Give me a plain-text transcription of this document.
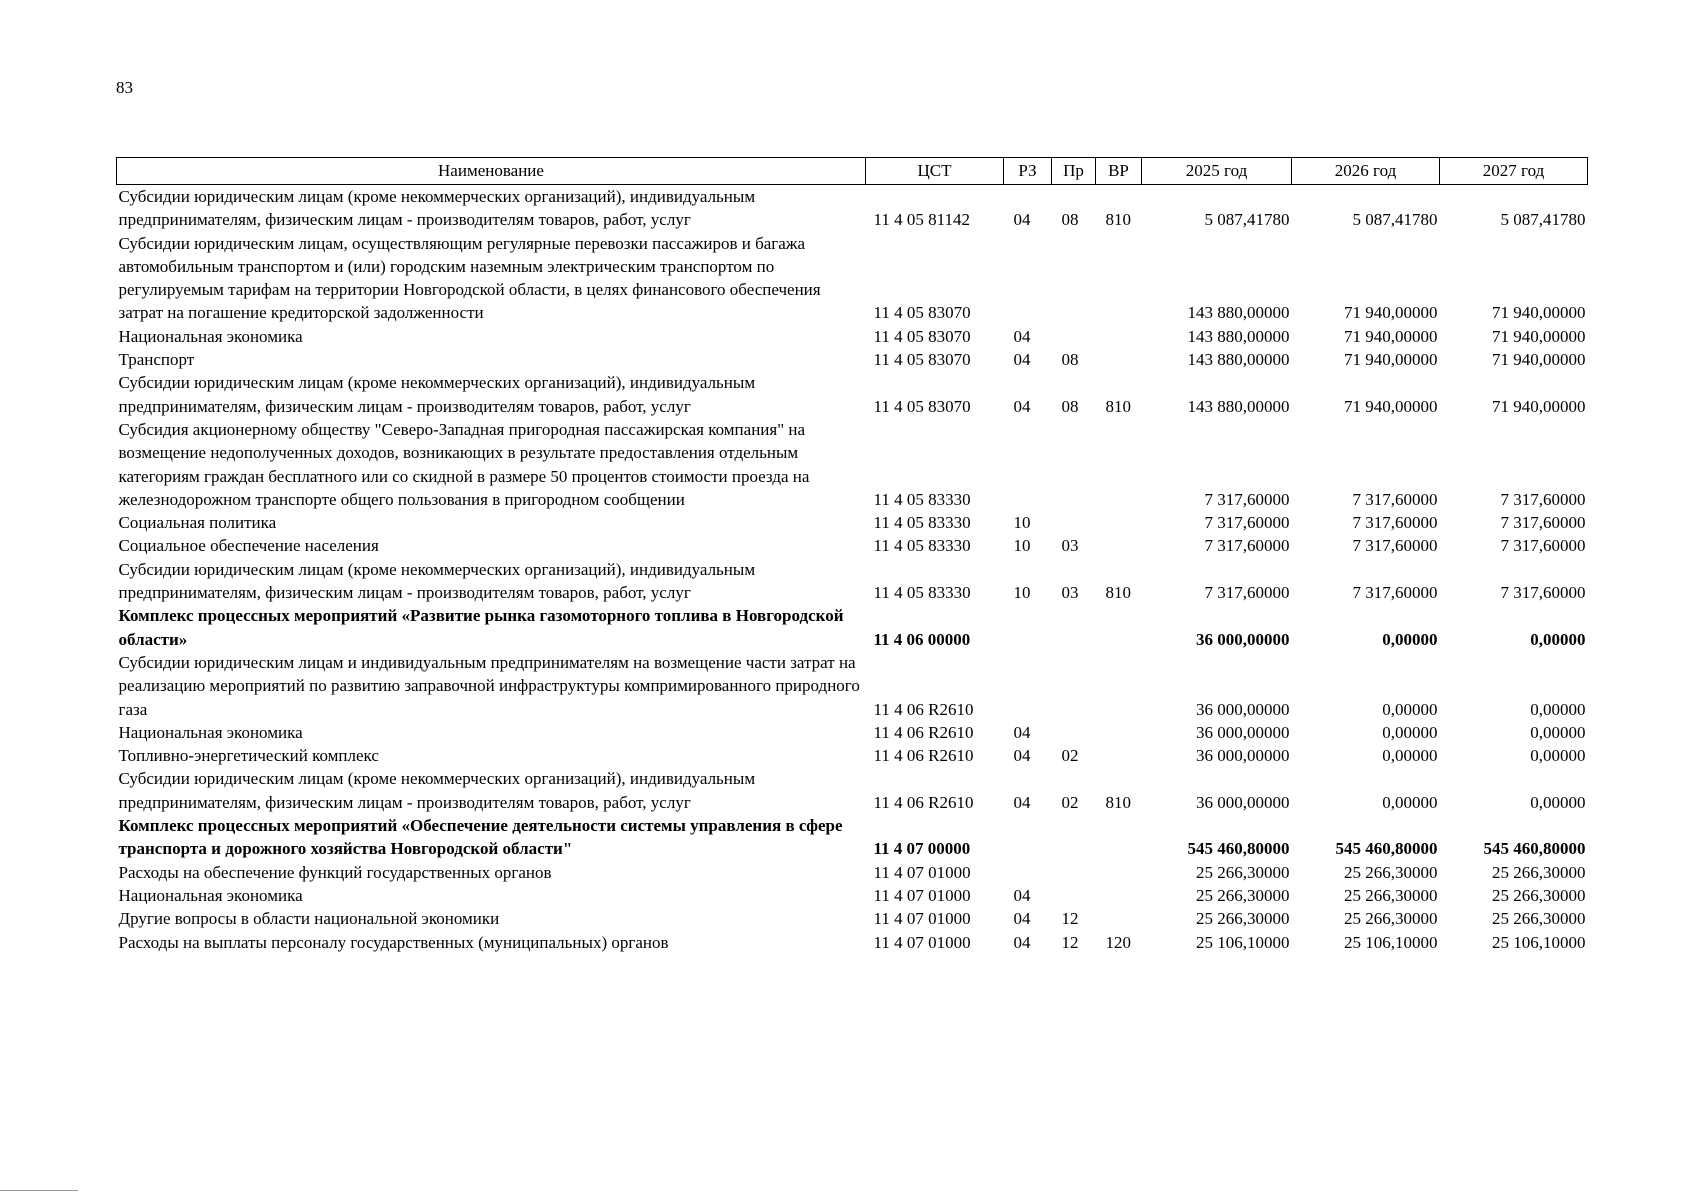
83
Наименование	ЦСТ	РЗ	Пр	ВР	2025 год	2026 год	2027 год
Субсидии юридическим лицам (кроме некоммерческих организаций), индивидуальным предпринимателям, физическим лицам - производителям товаров, работ, услуг	11 4 05 81142	04	08	810	5 087,41780	5 087,41780	5 087,41780
Субсидии юридическим лицам, осуществляющим регулярные перевозки пассажиров и багажа автомобильным транспортом и (или) городским наземным электрическим транспортом по регулируемым тарифам на территории Новгородской области, в целях финансового обеспечения затрат на погашение кредиторской задолженности	11 4 05 83070				143 880,00000	71 940,00000	71 940,00000
Национальная экономика	11 4 05 83070	04			143 880,00000	71 940,00000	71 940,00000
Транспорт	11 4 05 83070	04	08		143 880,00000	71 940,00000	71 940,00000
Субсидии юридическим лицам (кроме некоммерческих организаций), индивидуальным предпринимателям, физическим лицам - производителям товаров, работ, услуг	11 4 05 83070	04	08	810	143 880,00000	71 940,00000	71 940,00000
Субсидия акционерному обществу "Северо-Западная пригородная пассажирская компания" на возмещение недополученных доходов, возникающих в результате предоставления отдельным категориям граждан бесплатного или со скидной в размере 50 процентов стоимости проезда на железнодорожном транспорте общего пользования в пригородном сообщении	11 4 05 83330				7 317,60000	7 317,60000	7 317,60000
Социальная политика	11 4 05 83330	10			7 317,60000	7 317,60000	7 317,60000
Социальное обеспечение населения	11 4 05 83330	10	03		7 317,60000	7 317,60000	7 317,60000
Субсидии юридическим лицам (кроме некоммерческих организаций), индивидуальным предпринимателям, физическим лицам - производителям товаров, работ, услуг	11 4 05 83330	10	03	810	7 317,60000	7 317,60000	7 317,60000
Комплекс процессных мероприятий «Развитие рынка газомоторного топлива в Новгородской области»	11 4 06 00000				36 000,00000	0,00000	0,00000
Субсидии юридическим лицам и индивидуальным предпринимателям на возмещение части затрат на реализацию мероприятий по развитию заправочной инфраструктуры компримированного природного газа	11 4 06 R2610				36 000,00000	0,00000	0,00000
Национальная экономика	11 4 06 R2610	04			36 000,00000	0,00000	0,00000
Топливно-энергетический комплекс	11 4 06 R2610	04	02		36 000,00000	0,00000	0,00000
Субсидии юридическим лицам (кроме некоммерческих организаций), индивидуальным предпринимателям, физическим лицам - производителям товаров, работ, услуг	11 4 06 R2610	04	02	810	36 000,00000	0,00000	0,00000
Комплекс процессных мероприятий «Обеспечение деятельности системы управления в сфере транспорта и дорожного хозяйства Новгородской области"	11 4 07 00000				545 460,80000	545 460,80000	545 460,80000
Расходы на обеспечение функций государственных органов	11 4 07 01000				25 266,30000	25 266,30000	25 266,30000
Национальная экономика	11 4 07 01000	04			25 266,30000	25 266,30000	25 266,30000
Другие вопросы в области национальной экономики	11 4 07 01000	04	12		25 266,30000	25 266,30000	25 266,30000
Расходы на выплаты персоналу государственных (муниципальных) органов	11 4 07 01000	04	12	120	25 106,10000	25 106,10000	25 106,10000
